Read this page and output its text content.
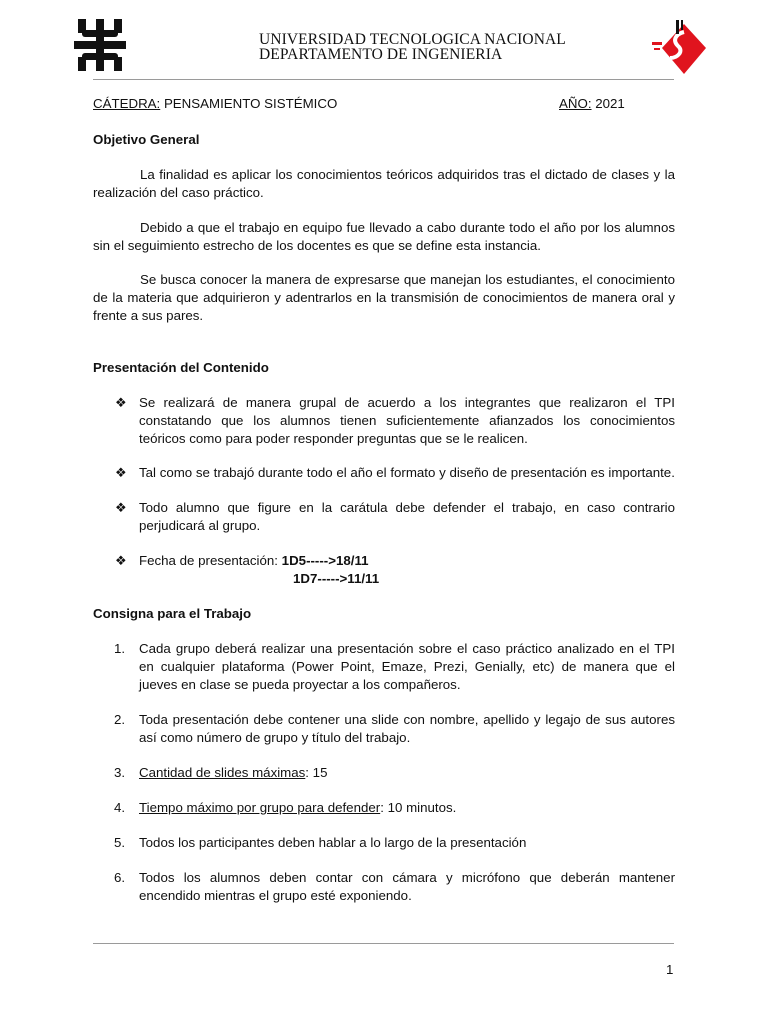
UNIVERSIDAD TECNOLOGICA NACIONAL
DEPARTAMENTO DE INGENIERIA
CÁTEDRA: PENSAMIENTO SISTÉMICO	AÑO: 2021
Objetivo General

La finalidad es aplicar los conocimientos teóricos adquiridos tras el dictado de clases y la realización del caso práctico.

Debido a que el trabajo en equipo fue llevado a cabo durante todo el año por los alumnos sin el seguimiento estrecho de los docentes es que se define esta instancia.

Se busca conocer la manera de expresarse que manejan los estudiantes, el conocimiento de la materia que adquirieron y adentrarlos en la transmisión de conocimientos de manera oral y frente a sus pares.

Presentación del Contenido
❖ Se realizará de manera grupal de acuerdo a los integrantes que realizaron el TPI constatando que los alumnos tienen suficientemente afianzados los conocimientos teóricos como para poder responder preguntas que se le realicen.
❖ Tal como se trabajó durante todo el año el formato y diseño de presentación es importante.
❖ Todo alumno que figure en la carátula debe defender el trabajo, en caso contrario perjudicará al grupo.
❖ Fecha de presentación: 1D5----->18/11
1D7----->11/11
Consigna para el Trabajo
1. Cada grupo deberá realizar una presentación sobre el caso práctico analizado en el TPI en cualquier plataforma (Power Point, Emaze, Prezi, Genially, etc) de manera que el jueves en clase se pueda proyectar a los compañeros.
2. Toda presentación debe contener una slide con nombre, apellido y legajo de sus autores así como número de grupo y título del trabajo.
3. Cantidad de slides máximas: 15
4. Tiempo máximo por grupo para defender: 10 minutos.
5. Todos los participantes deben hablar a lo largo de la presentación
6. Todos los alumnos deben contar con cámara y micrófono que deberán mantener encendido mientras el grupo esté exponiendo.
1
